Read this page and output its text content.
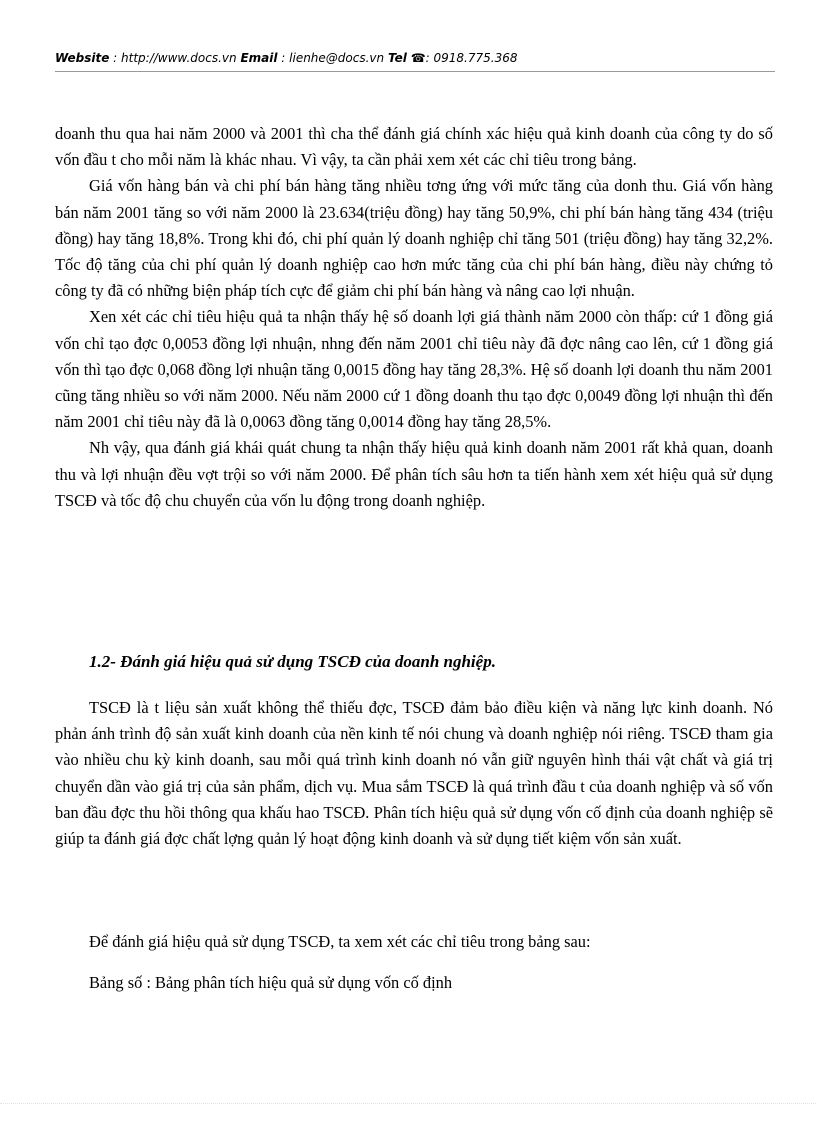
Website : http://www.docs.vn Email : lienhe@docs.vn Tel ☎: 0918.775.368

doanh thu qua hai năm 2000 và 2001 thì cha thể đánh giá chính xác hiệu quả kinh doanh của công ty do số vốn đầu t cho mỗi năm là khác nhau. Vì vậy, ta cần phải xem xét các chỉ tiêu trong bảng.

Giá vốn hàng bán và chi phí bán hàng tăng nhiều tơng ứng với mức tăng của donh thu. Giá vốn hàng bán năm 2001 tăng so với năm 2000 là 23.634(triệu đồng) hay tăng 50,9%, chi phí bán hàng tăng 434 (triệu đồng) hay tăng 18,8%. Trong khi đó, chi phí quản lý doanh nghiệp chỉ tăng 501 (triệu đồng) hay tăng 32,2%. Tốc độ tăng của chi phí quản lý doanh nghiệp cao hơn mức tăng của chi phí bán hàng, điều này chứng tỏ công ty đã có những biện pháp tích cực để giảm chi phí bán hàng và nâng cao lợi nhuận.

Xen xét các chỉ tiêu hiệu quả ta nhận thấy hệ số doanh lợi giá thành năm 2000 còn thấp: cứ 1 đồng giá vốn chỉ tạo đợc 0,0053 đồng lợi nhuận, nhng đến năm 2001 chỉ tiêu này đã đợc nâng cao lên, cứ 1 đồng giá vốn thì tạo đợc 0,068 đồng lợi nhuận tăng 0,0015 đồng hay tăng 28,3%. Hệ số doanh lợi doanh thu năm 2001 cũng tăng nhiều so với năm 2000. Nếu năm 2000 cứ 1 đồng doanh thu tạo đợc 0,0049 đồng lợi nhuận thì đến năm 2001 chỉ tiêu này đã là 0,0063 đồng tăng 0,0014 đồng hay tăng 28,5%.

Nh vậy, qua đánh giá khái quát chung ta nhận thấy hiệu quả kinh doanh năm 2001 rất khả quan, doanh thu và lợi nhuận đều vợt trội so với năm 2000. Để phân tích sâu hơn ta tiến hành xem xét hiệu quả sử dụng TSCĐ và tốc độ chu chuyển của vốn lu động trong doanh nghiệp.

1.2- Đánh giá hiệu quả sử dụng TSCĐ của doanh nghiệp.

TSCĐ là t liệu sản xuất không thể thiếu đợc, TSCĐ đảm bảo điều kiện và năng lực kinh doanh. Nó phản ánh trình độ sản xuất kinh doanh của nền kinh tế nói chung và doanh nghiệp nói riêng. TSCĐ tham gia vào nhiều chu kỳ kinh doanh, sau mỗi quá trình kinh doanh nó vẫn giữ nguyên hình thái vật chất và giá trị chuyển dần vào giá trị của sản phẩm, dịch vụ. Mua sắm TSCĐ là quá trình đầu t của doanh nghiệp và số vốn ban đầu đợc thu hồi thông qua khấu hao TSCĐ. Phân tích hiệu quả sử dụng vốn cố định của doanh nghiệp sẽ giúp ta đánh giá đợc chất lợng quản lý hoạt động kinh doanh và sử dụng tiết kiệm vốn sản xuất.

Để đánh giá hiệu quả sử dụng TSCĐ, ta xem xét các chỉ tiêu trong bảng sau:
Bảng số : Bảng phân tích hiệu quả sử dụng vốn cố định
